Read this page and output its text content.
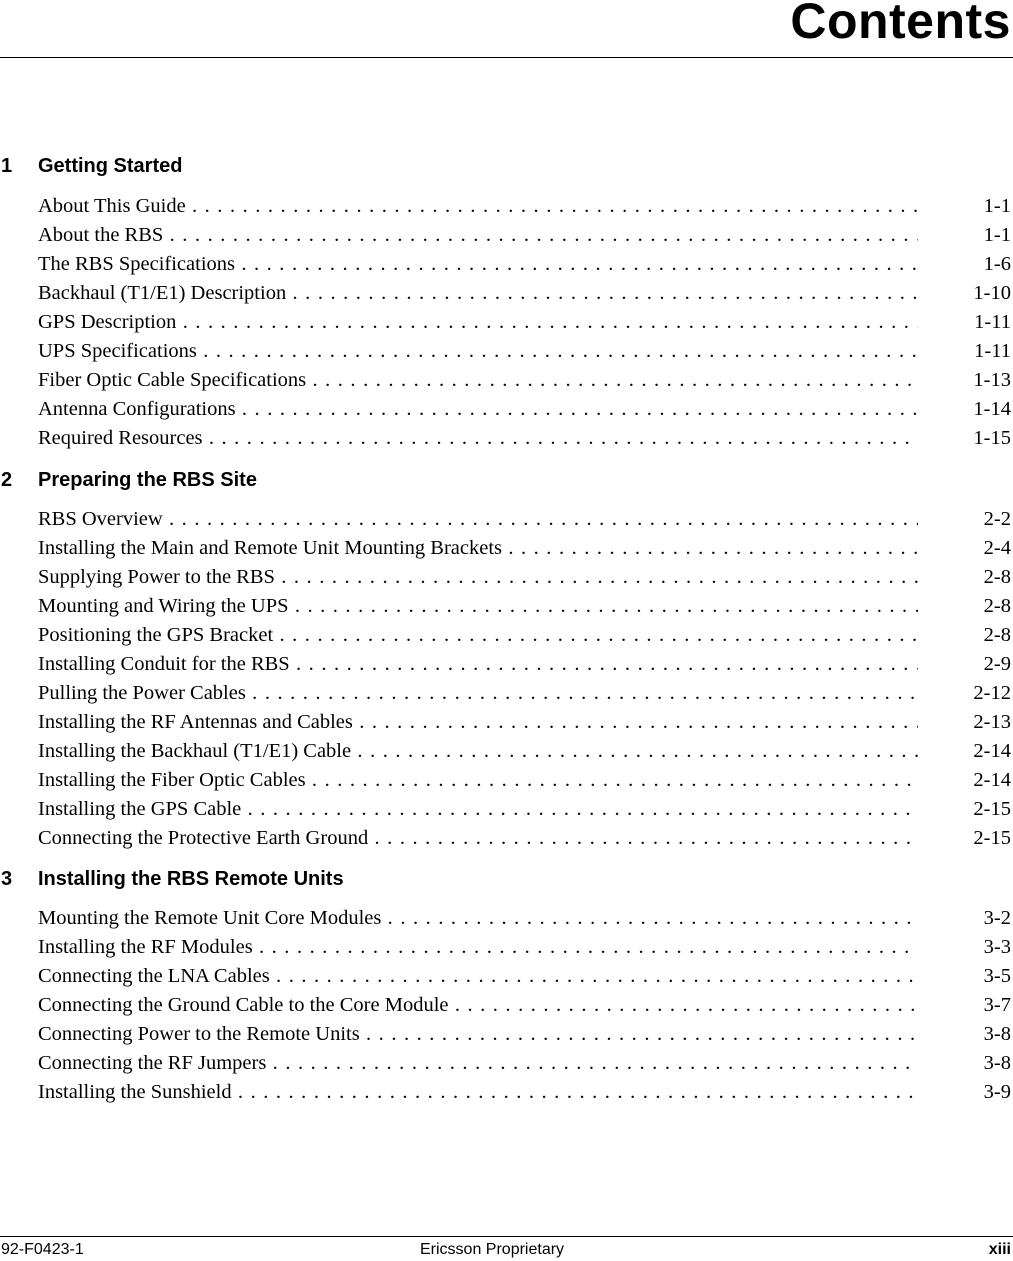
Contents
1 Getting Started
About This Guide . . .	1-1
About the RBS . . .	1-1
The RBS Specifications . . .	1-6
Backhaul (T1/E1) Description . . .	1-10
GPS Description . . .	1-11
UPS Specifications . . .	1-11
Fiber Optic Cable Specifications . . .	1-13
Antenna Configurations . . .	1-14
Required Resources . . .	1-15
2 Preparing the RBS Site
RBS Overview . . .	2-2
Installing the Main and Remote Unit Mounting Brackets . . .	2-4
Supplying Power to the RBS . . .	2-8
Mounting and Wiring the UPS . . .	2-8
Positioning the GPS Bracket . . .	2-8
Installing Conduit for the RBS . . .	2-9
Pulling the Power Cables . . .	2-12
Installing the RF Antennas and Cables . . .	2-13
Installing the Backhaul (T1/E1) Cable . . .	2-14
Installing the Fiber Optic Cables . . .	2-14
Installing the GPS Cable . . .	2-15
Connecting the Protective Earth Ground . . .	2-15
3 Installing the RBS Remote Units
Mounting the Remote Unit Core Modules . . .	3-2
Installing the RF Modules . . .	3-3
Connecting the LNA Cables . . .	3-5
Connecting the Ground Cable to the Core Module . . .	3-7
Connecting Power to the Remote Units . . .	3-8
Connecting the RF Jumpers . . .	3-8
Installing the Sunshield . . .	3-9
92-F0423-1	Ericsson Proprietary	xiii
